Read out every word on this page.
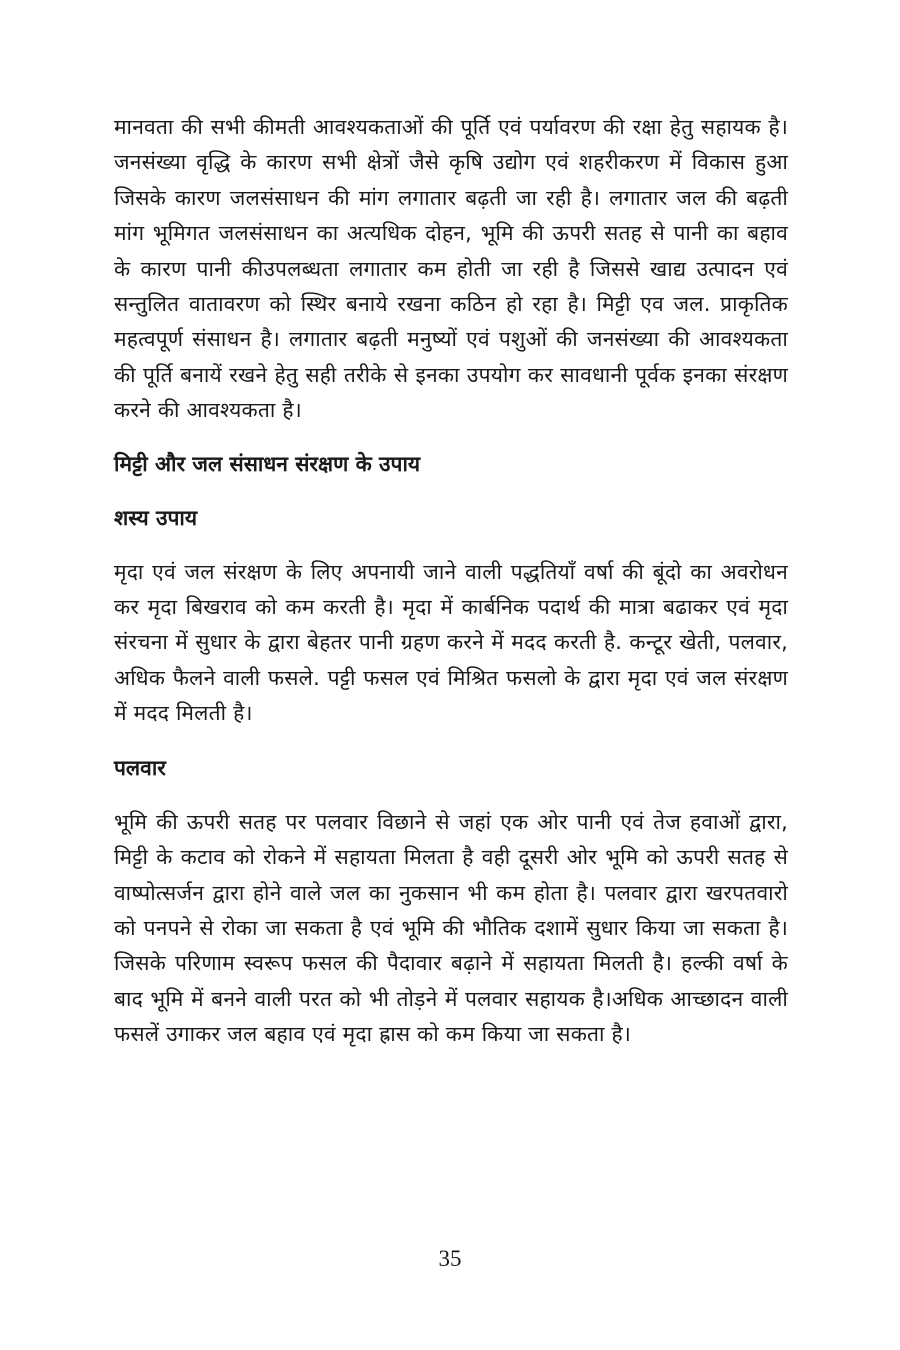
मानवता की सभी कीमती आवश्यकताओं की पूर्ति एवं पर्यावरण की रक्षा हेतु सहायक है। जनसंख्या वृद्धि के कारण सभी क्षेत्रों जैसे कृषि उद्योग एवं शहरीकरण में विकास हुआ जिसके कारण जलसंसाधन की मांग लगातार बढ़ती जा रही है। लगातार जल की बढ़ती मांग भूमिगत जलसंसाधन का अत्यधिक दोहन, भूमि की ऊपरी सतह से पानी का बहाव के कारण पानी कीउपलब्धता लगातार कम होती जा रही है जिससे खाद्य उत्पादन एवं सन्तुलित वातावरण को स्थिर बनाये रखना कठिन हो रहा है। मिट्टी एव जल. प्राकृतिक महत्वपूर्ण संसाधन है। लगातार बढ़ती मनुष्यों एवं पशुओं की जनसंख्या की आवश्यकता की पूर्ति बनायें रखने हेतु सही तरीके से इनका उपयोग कर सावधानी पूर्वक इनका संरक्षण करने की आवश्यकता है।

मिट्टी और जल संसाधन संरक्षण के उपाय
शस्य उपाय

मृदा एवं जल संरक्षण के लिए अपनायी जाने वाली पद्धतियाँ वर्षा की बूंदो का अवरोधन कर मृदा बिखराव को कम करती है। मृदा में कार्बनिक पदार्थ की मात्रा बढाकर एवं मृदा संरचना में सुधार के द्वारा बेहतर पानी ग्रहण करने में मदद करती है. कन्टूर खेती, पलवार, अधिक फैलने वाली फसले. पट्टी फसल एवं मिश्रित फसलो के द्वारा मृदा एवं जल संरक्षण में मदद मिलती है।

पलवार

भूमि की ऊपरी सतह पर पलवार विछाने से जहां एक ओर पानी एवं तेज हवाओं द्वारा, मिट्टी के कटाव को रोकने में सहायता मिलता है वही दूसरी ओर भूमि को ऊपरी सतह से वाष्पोत्सर्जन द्वारा होने वाले जल का नुकसान भी कम होता है। पलवार द्वारा खरपतवारो को पनपने से रोका जा सकता है एवं भूमि की भौतिक दशामें सुधार किया जा सकता है। जिसके परिणाम स्वरूप फसल की पैदावार बढ़ाने में सहायता मिलती है। हल्की वर्षा के बाद भूमि में बनने वाली परत को भी तोड़ने में पलवार सहायक है।अधिक आच्छादन वाली फसलें उगाकर जल बहाव एवं मृदा ह्रास को कम किया जा सकता है।

35
